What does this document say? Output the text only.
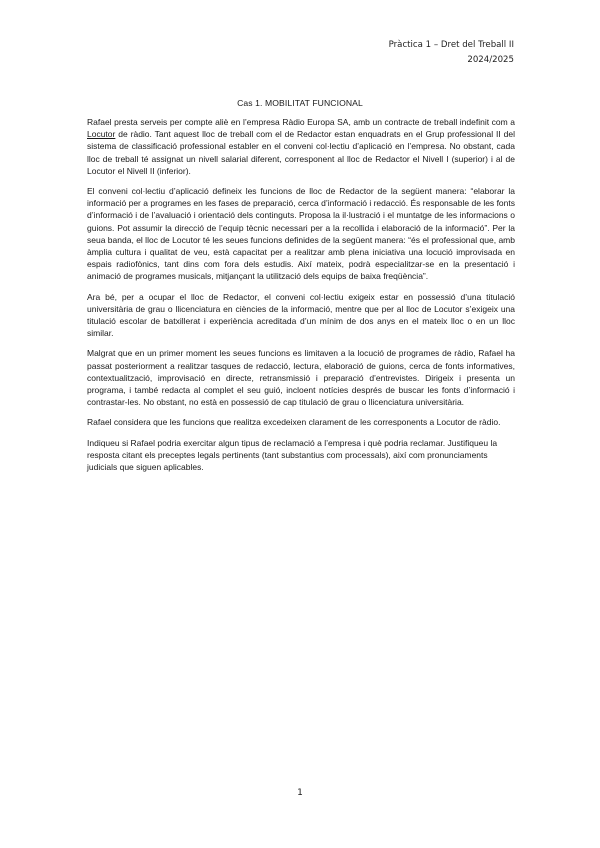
Pràctica 1 – Dret del Treball II
2024/2025
Cas 1. MOBILITAT FUNCIONAL

Rafael presta serveis per compte aliè en l’empresa Ràdio Europa SA, amb un contracte de treball indefinit com a Locutor de ràdio. Tant aquest lloc de treball com el de Redactor estan enquadrats en el Grup professional II del sistema de classificació professional establer en el conveni col·lectiu d’aplicació en l’empresa. No obstant, cada lloc de treball té assignat un nivell salarial diferent, corresponent al lloc de Redactor el Nivell I (superior) i al de Locutor el Nivell II (inferior).

El conveni col·lectiu d’aplicació defineix les funcions de lloc de Redactor de la següent manera: “elaborar la informació per a programes en les fases de preparació, cerca d’informació i redacció. És responsable de les fonts d’informació i de l’avaluació i orientació dels continguts. Proposa la il·lustració i el muntatge de les informacions o guions. Pot assumir la direcció de l’equip tècnic necessari per a la recollida i elaboració de la informació”. Per la seua banda, el lloc de Locutor té les seues funcions definides de la següent manera: “és el professional que, amb àmplia cultura i qualitat de veu, està capacitat per a realitzar amb plena iniciativa una locució improvisada en espais radiofònics, tant dins com fora dels estudis. Així mateix, podrà especialitzar-se en la presentació i animació de programes musicals, mitjançant la utilització dels equips de baixa freqüència”.

Ara bé, per a ocupar el lloc de Redactor, el conveni col·lectiu exigeix estar en possessió d’una titulació universitària de grau o llicenciatura en ciències de la informació, mentre que per al lloc de Locutor s’exigeix una titulació escolar de batxillerat i experiència acreditada d’un mínim de dos anys en el mateix lloc o en un lloc similar.

Malgrat que en un primer moment les seues funcions es limitaven a la locució de programes de ràdio, Rafael ha passat posteriorment a realitzar tasques de redacció, lectura, elaboració de guions, cerca de fonts informatives, contextualització, improvisació en directe, retransmissió i preparació d’entrevistes. Dirigeix i presenta un programa, i també redacta al complet el seu guió, incloent notícies després de buscar les fonts d’informació i contrastar-les. No obstant, no està en possessió de cap titulació de grau o llicenciatura universitària.

Rafael considera que les funcions que realitza excedeixen clarament de les corresponents a Locutor de ràdio.

Indiqueu si Rafael podria exercitar algun tipus de reclamació a l’empresa i què podria reclamar. Justifiqueu la resposta citant els preceptes legals pertinents (tant substantius com processals), així com pronunciaments judicials que siguen aplicables.

1
